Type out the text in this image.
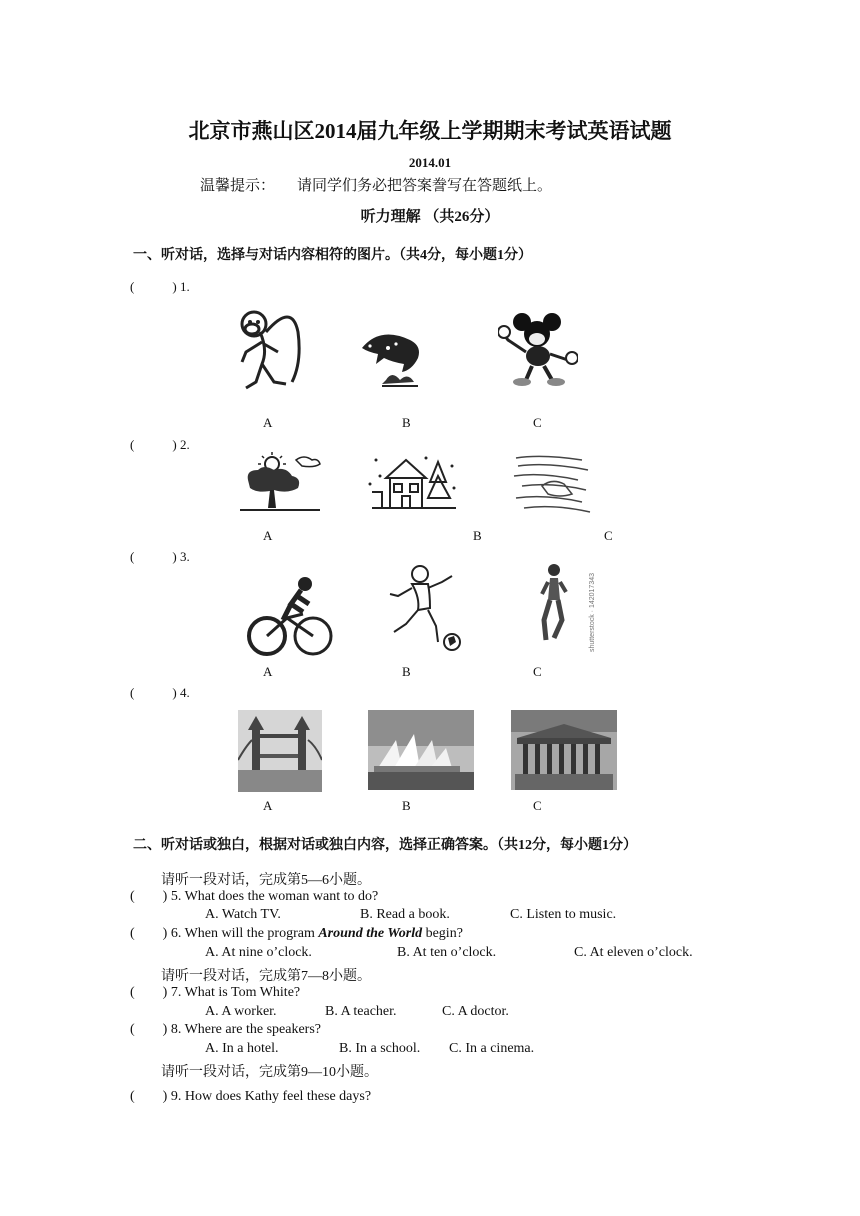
北京市燕山区2014届九年级上学期期末考试英语试题
2014.01
温馨提示： 请同学们务必把答案誊写在答题纸上。
听力理解 （共26分）
一、听对话，选择与对话内容相符的图片。（共4分，每小题1分）
(	) 1.
A	B	C
(	) 2.
A	B	C
(	) 3.
shutterstock · 142017343
A	B	C
(	) 4.
A	B	C
二、听对话或独白，根据对话或独白内容，选择正确答案。（共12分，每小题1分）
请听一段对话，完成第5—6小题。
( ) 5. What does the woman want to do?
A. Watch TV.	B. Read a book.	C. Listen to music.
( ) 6. When will the program Around the World begin?
A. At nine o’clock.	B. At ten o’clock.	C. At eleven o’clock.
请听一段对话，完成第7—8小题。
( ) 7. What is Tom White?
A. A worker.	B. A teacher.	C. A doctor.
( ) 8. Where are the speakers?
A. In a hotel.	B. In a school. C. In a cinema.
请听一段对话，完成第9—10小题。
( ) 9. How does Kathy feel these days?
